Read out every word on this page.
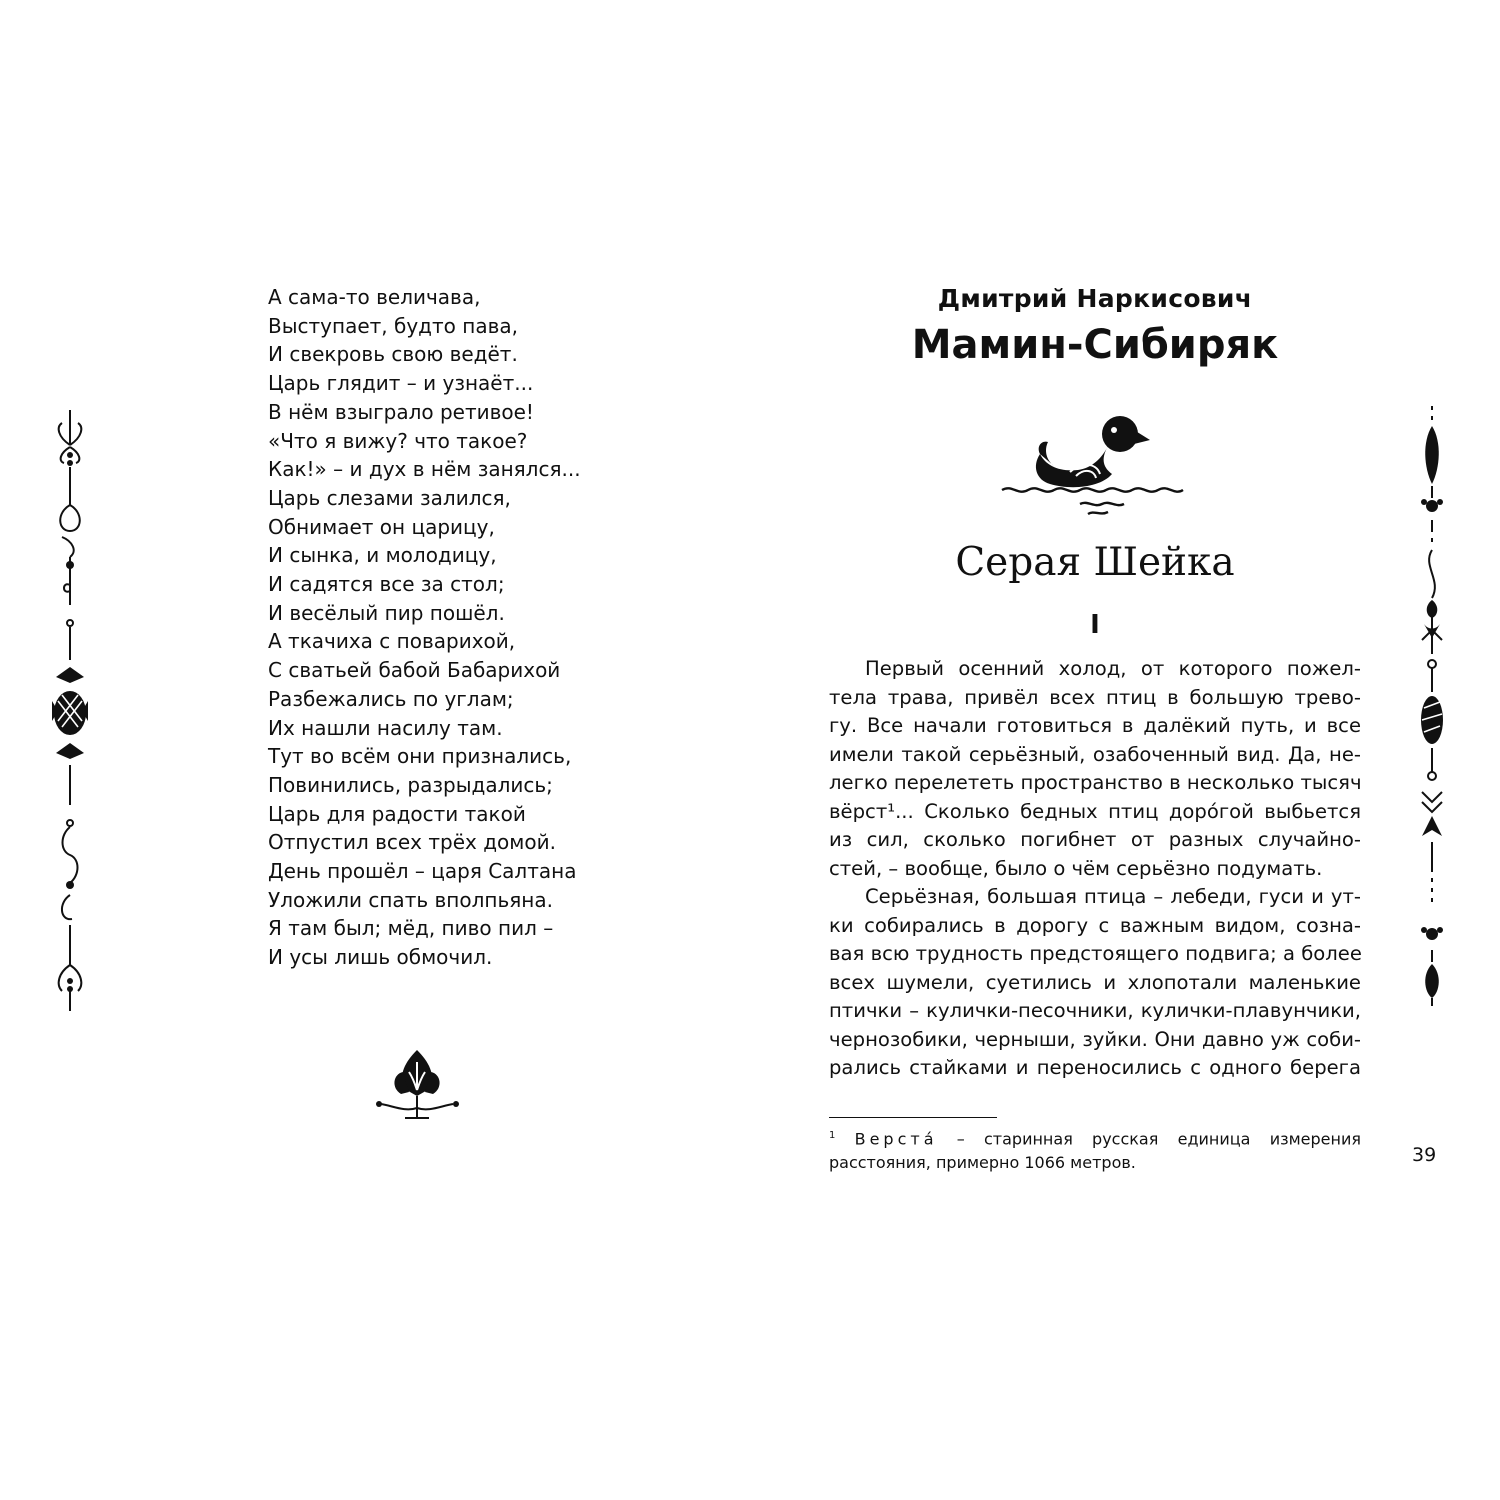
А сама-то величава,
Выступает, будто пава,
И свекровь свою ведёт.
Царь глядит – и узнаёт...
В нём взыграло ретивое!
«Что я вижу? что такое?
Как!» – и дух в нём занялся...
Царь слезами залился,
Обнимает он царицу,
И сынка, и молодицу,
И садятся все за стол;
И весёлый пир пошёл.
А ткачиха с поварихой,
С сватьей бабой Бабарихой
Разбежались по углам;
Их нашли насилу там.
Тут во всём они признались,
Повинились, разрыдались;
Царь для радости такой
Отпустил всех трёх домой.
День прошёл – царя Салтана
Уложили спать вполпьяна.
Я там был; мёд, пиво пил –
И усы лишь обмочил.
Дмитрий Наркисович
Мамин-Сибиряк
Серая Шейка
I
Первый осенний холод, от которого пожел-
тела трава, привёл всех птиц в большую трево-
гу. Все начали готовиться в далёкий путь, и все
имели такой серьёзный, озабоченный вид. Да, не-
легко перелететь пространство в несколько тысяч
вёрст¹... Сколько бедных птиц доро́гой выбьется
из сил, сколько погибнет от разных случайно-
стей, – вообще, было о чём серьёзно подумать.
Серьёзная, большая птица – лебеди, гуси и ут-
ки собирались в дорогу с важным видом, созна-
вая всю трудность предстоящего подвига; а более
всех шумели, суетились и хлопотали маленькие
птички – кулички-песочники, кулички-плавунчики,
чернозобики, черныши, зуйки. Они давно уж соби-
рались стайками и переносились с одного берега
$^1$ Верста́ – старинная русская единица измерения
расстояния, примерно 1066 метров.	39
